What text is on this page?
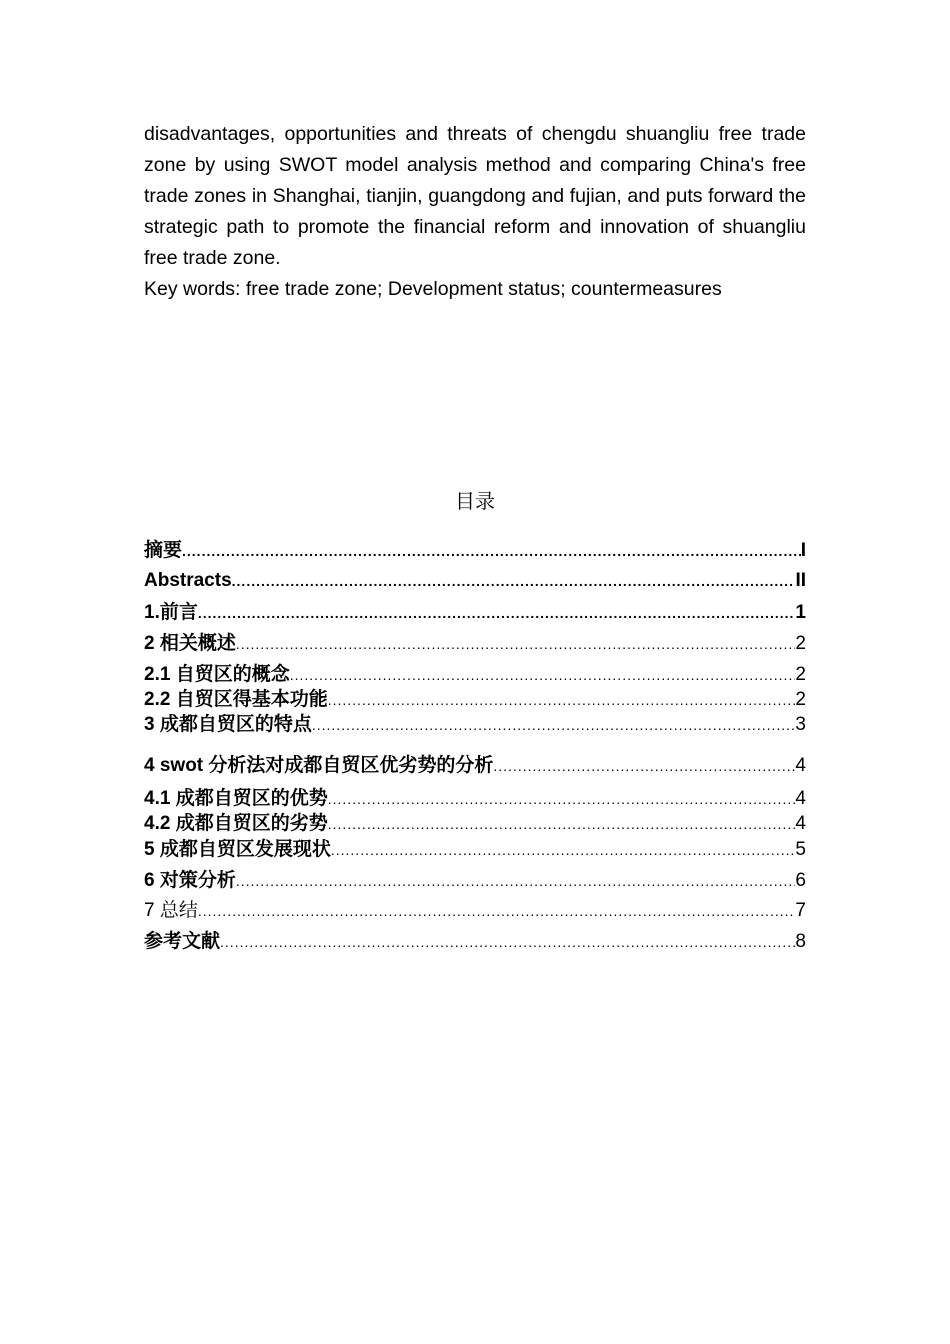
disadvantages, opportunities and threats of chengdu shuangliu free trade zone by using SWOT model analysis method and comparing China's free trade zones in Shanghai, tianjin, guangdong and fujian, and puts forward the strategic path to promote the financial reform and innovation of shuangliu free trade zone.

Key words: free trade zone; Development status; countermeasures
目录
摘要 .....	I
Abstracts .....	II
1.前言 .....	1
2 相关概述 .....	2
2.1 自贸区的概念 .....	2
2.2 自贸区得基本功能 .....	2
3 成都自贸区的特点 .....	3
4 swot 分析法对成都自贸区优劣势的分析 .....	4
4.1 成都自贸区的优势 .....	4
4.2 成都自贸区的劣势 .....	4
5 成都自贸区发展现状 .....	5
6 对策分析 .....	6
7 总结 .....	7
参考文献 .....	8
